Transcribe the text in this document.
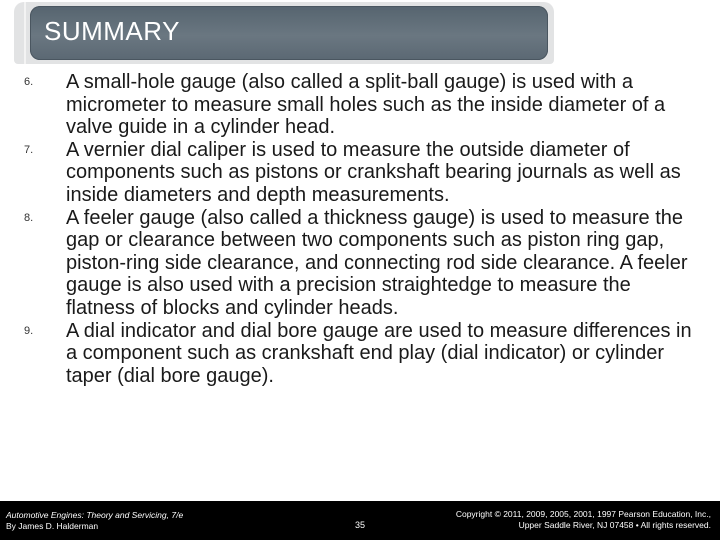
SUMMARY
6. A small-hole gauge (also called a split-ball gauge) is used with a micrometer to measure small holes such as the inside diameter of a valve guide in a cylinder head.
7. A vernier dial caliper is used to measure the outside diameter of components such as pistons or crankshaft bearing journals as well as inside diameters and depth measurements.
8. A feeler gauge (also called a thickness gauge) is used to measure the gap or clearance between two components such as piston ring gap, piston-ring side clearance, and connecting rod side clearance. A feeler gauge is also used with a precision straightedge to measure the flatness of blocks and cylinder heads.
9. A dial indicator and dial bore gauge are used to measure differences in a component such as crankshaft end play (dial indicator) or cylinder taper (dial bore gauge).
Automotive Engines: Theory and Servicing, 7/e
By James D. Halderman	35
Copyright © 2011, 2009, 2005, 2001, 1997 Pearson Education, Inc.,
Upper Saddle River, NJ 07458 • All rights reserved.
